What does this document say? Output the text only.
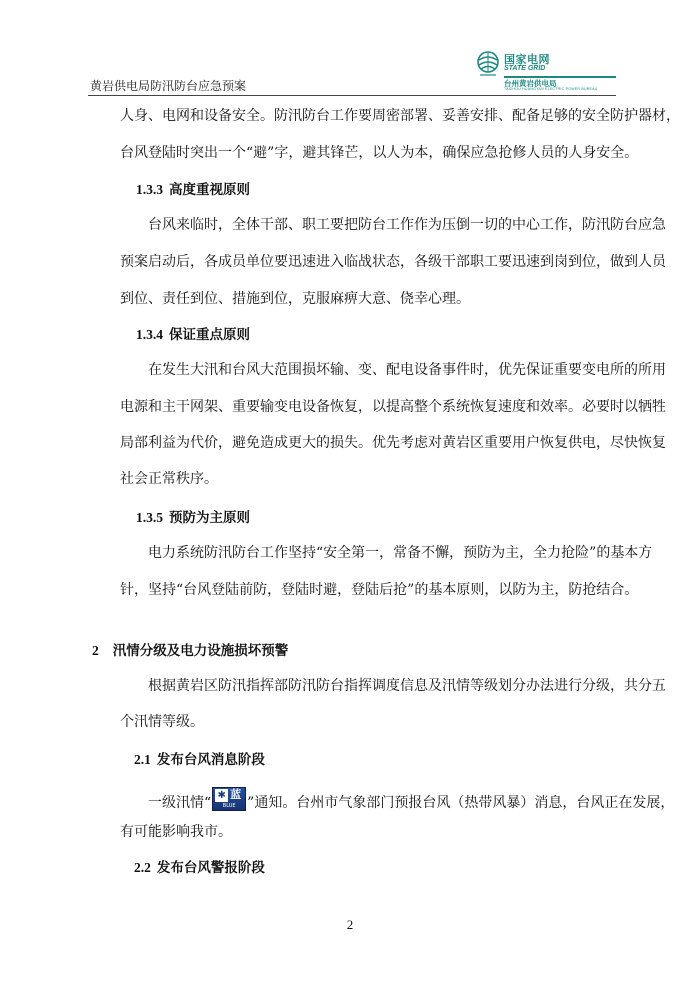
黄岩供电局防汛防台应急预案
国家电网
STATE GRID
台州黄岩供电局
TAIZHOU HUANGYAN ELECTRIC POWER BUREAU
人身、电网和设备安全。防汛防台工作要周密部署、妥善安排、配备足够的安全防护器材，
台风登陆时突出一个“避”字，避其锋芒，以人为本，确保应急抢修人员的人身安全。
1.3.3 高度重视原则
台风来临时，全体干部、职工要把防台工作作为压倒一切的中心工作，防汛防台应急
预案启动后，各成员单位要迅速进入临战状态，各级干部职工要迅速到岗到位，做到人员
到位、责任到位、措施到位，克服麻痹大意、侥幸心理。
1.3.4 保证重点原则
在发生大汛和台风大范围损坏输、变、配电设备事件时，优先保证重要变电所的所用
电源和主干网架、重要输变电设备恢复，以提高整个系统恢复速度和效率。必要时以牺牲
局部利益为代价，避免造成更大的损失。优先考虑对黄岩区重要用户恢复供电，尽快恢复
社会正常秩序。
1.3.5 预防为主原则
电力系统防汛防台工作坚持“安全第一，常备不懈，预防为主，全力抢险”的基本方
针，坚持“台风登陆前防，登陆时避，登陆后抢”的基本原则，以防为主，防抢结合。
2 汛情分级及电力设施损坏预警
根据黄岩区防汛指挥部防汛防台指挥调度信息及汛情等级划分办法进行分级，共分五
个汛情等级。
2.1 发布台风消息阶段
一级汛情“ ✱ 蓝
BLUE ”通知。台州市气象部门预报台风（热带风暴）消息，台风正在发展，
有可能影响我市。
2.2 发布台风警报阶段
2
